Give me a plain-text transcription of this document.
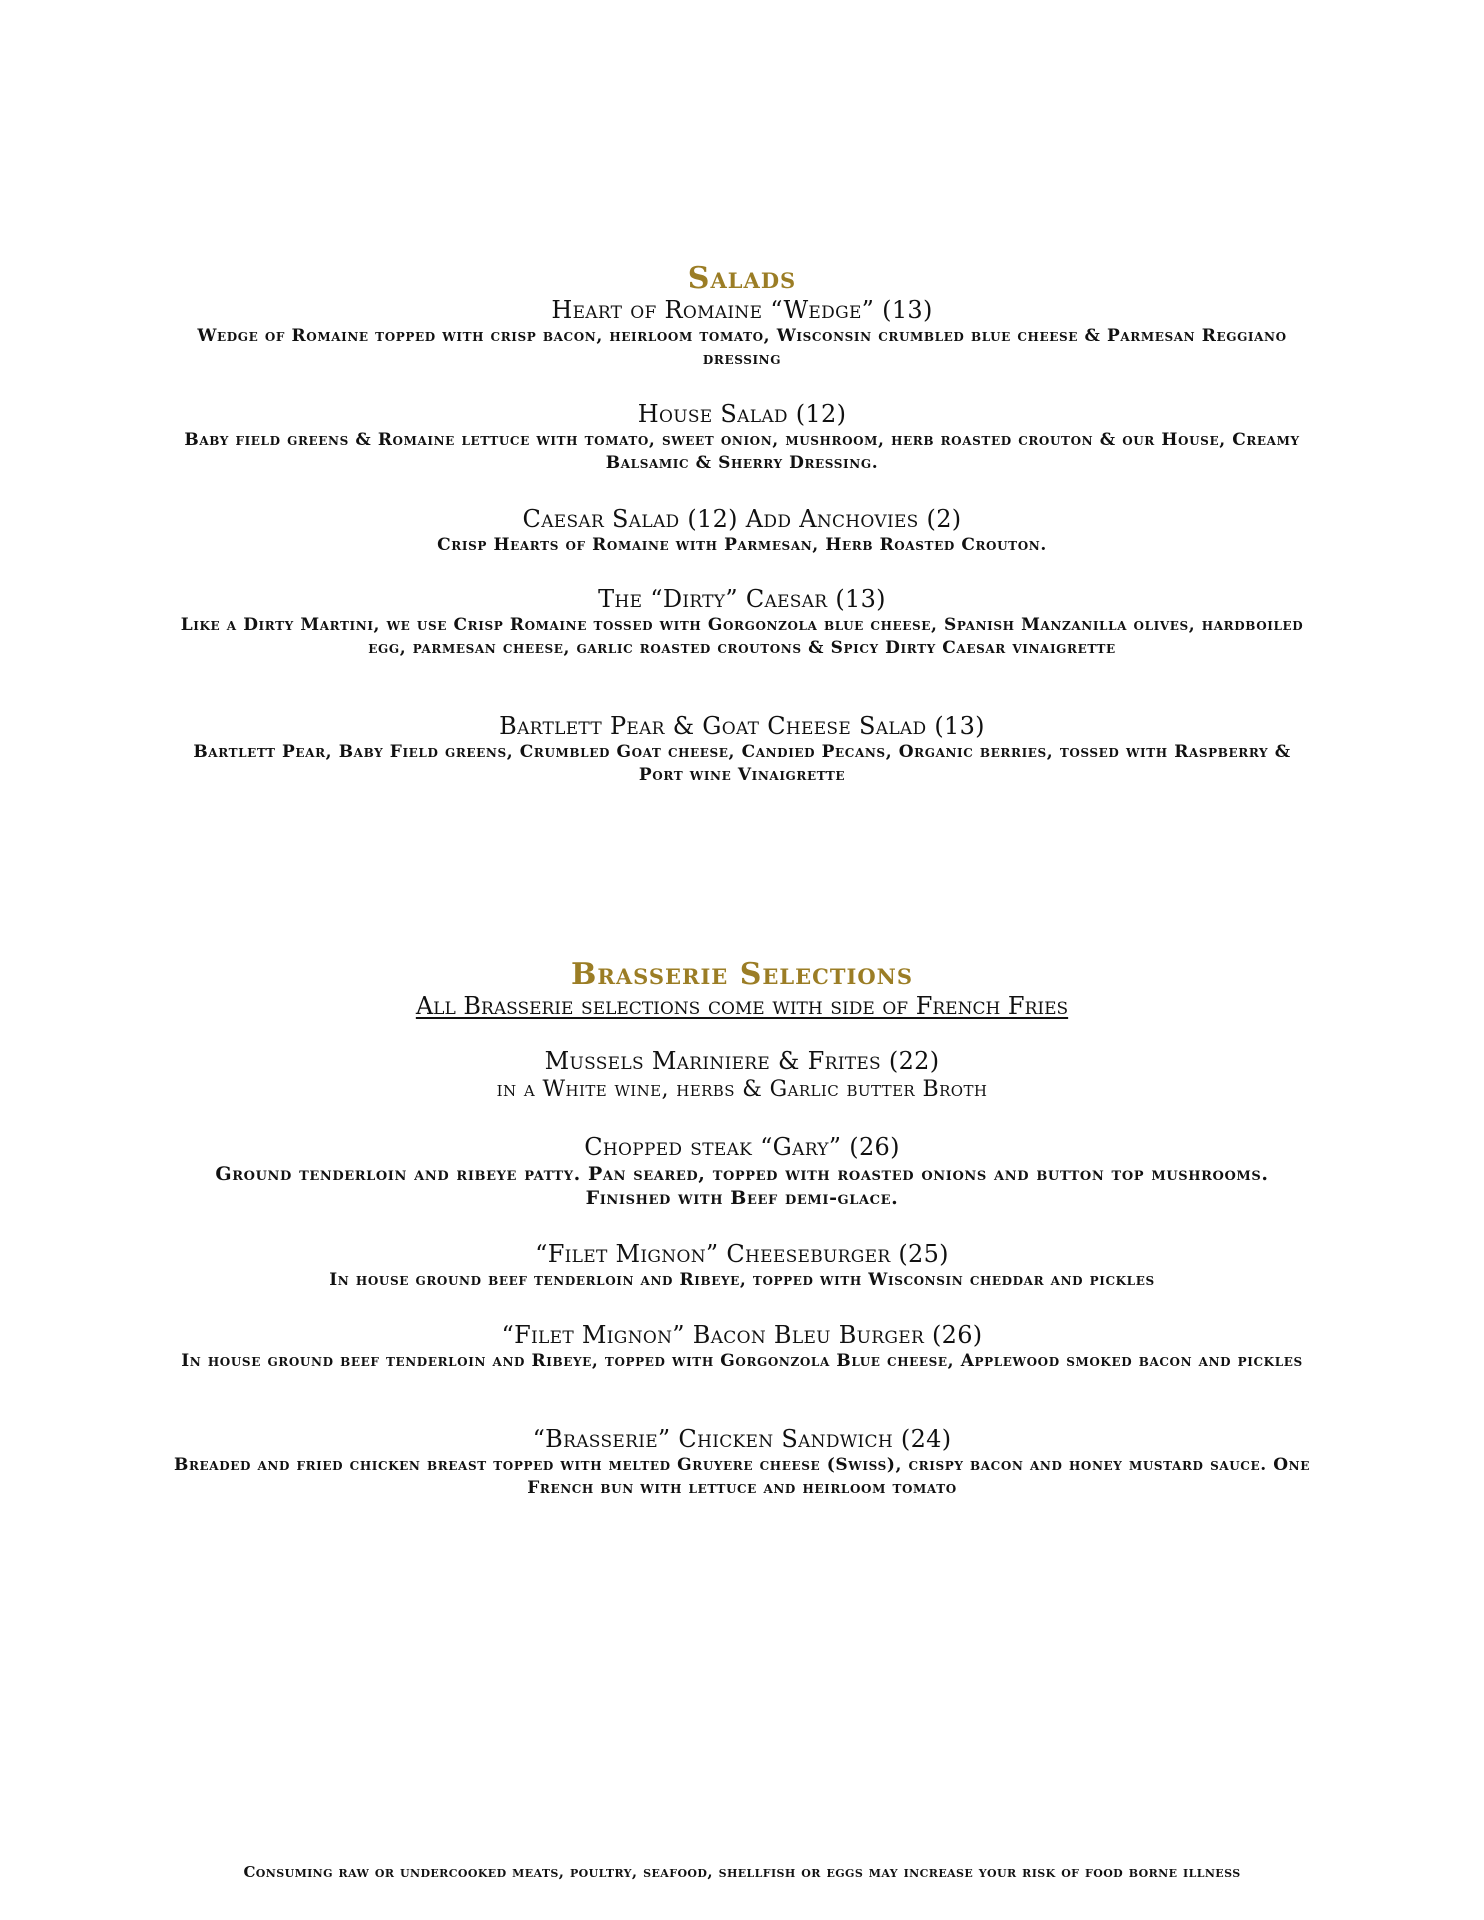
Salads
Heart of Romaine “Wedge” (13)
Wedge of Romaine topped with crisp bacon, heirloom tomato, Wisconsin crumbled blue cheese & Parmesan Reggiano dressing
House Salad (12)
Baby field greens & Romaine lettuce with tomato, sweet onion, mushroom, herb roasted crouton & our House, Creamy Balsamic & Sherry Dressing.
Caesar Salad (12) Add Anchovies (2)
Crisp Hearts of Romaine with Parmesan, Herb Roasted Crouton.
The “Dirty” Caesar (13)
Like a Dirty Martini, we use Crisp Romaine tossed with Gorgonzola blue cheese, Spanish Manzanilla olives, hardboiled egg, parmesan cheese, garlic roasted croutons & Spicy Dirty Caesar vinaigrette
Bartlett Pear & Goat Cheese Salad (13)
Bartlett Pear, Baby Field greens, Crumbled Goat cheese, Candied Pecans, Organic berries, tossed with Raspberry & Port wine Vinaigrette
Brasserie Selections
All Brasserie selections come with side of French Fries
Mussels Mariniere & Frites (22)
in a White wine, herbs & Garlic butter Broth
Chopped steak “Gary” (26)
Ground tenderloin and ribeye patty. Pan seared, topped with roasted onions and button top mushrooms. Finished with Beef demi-glace.
“Filet Mignon” Cheeseburger (25)
In house ground beef tenderloin and Ribeye, topped with Wisconsin cheddar and pickles
“Filet Mignon” Bacon Bleu Burger (26)
In house ground beef tenderloin and Ribeye, topped with Gorgonzola Blue cheese, Applewood smoked bacon and pickles
“Brasserie” Chicken Sandwich (24)
Breaded and fried chicken breast topped with melted Gruyere cheese (Swiss), crispy bacon and honey mustard sauce. One French bun with lettuce and heirloom tomato
Consuming raw or undercooked meats, poultry, seafood, shellfish or eggs may increase your risk of food borne illness
